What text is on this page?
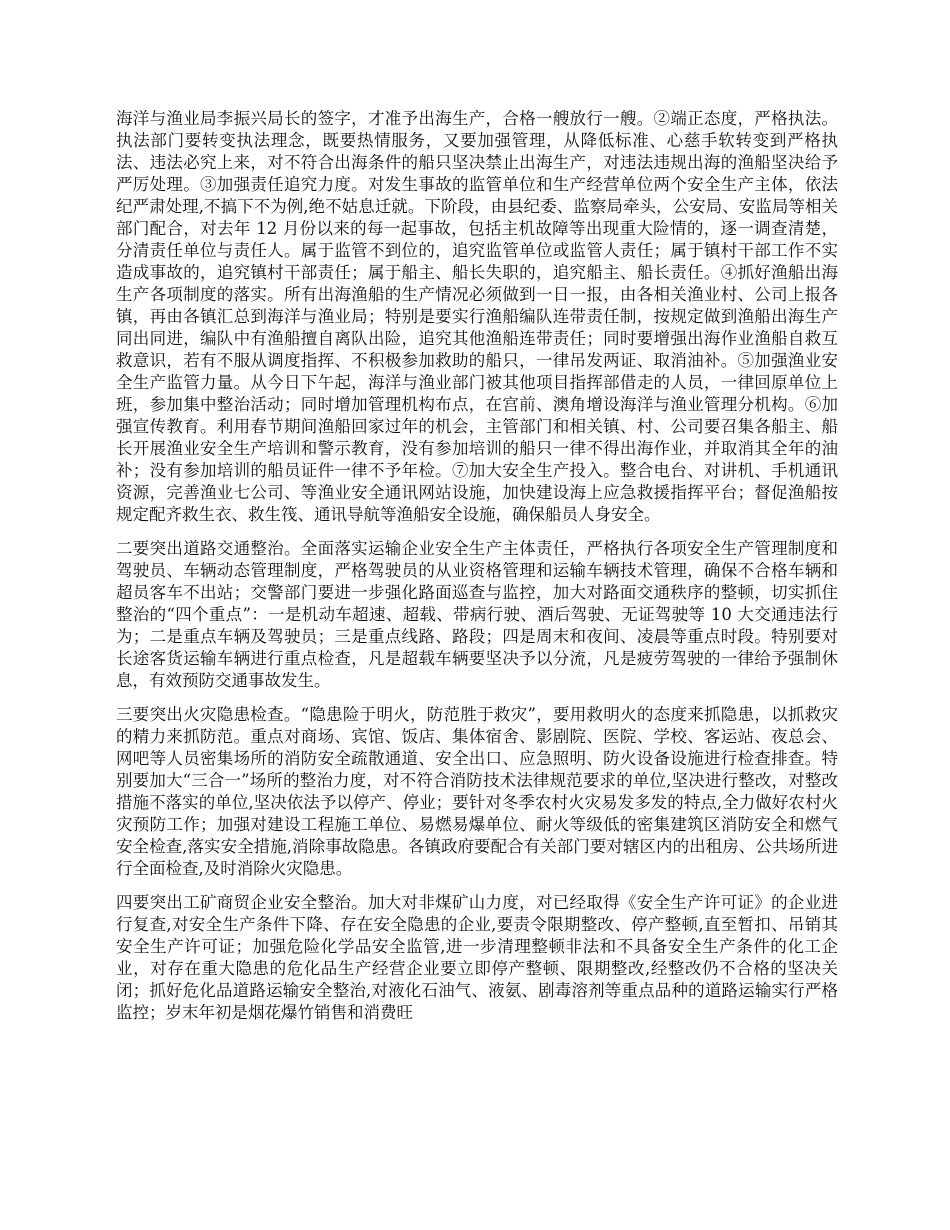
海洋与渔业局李振兴局长的签字，才准予出海生产，合格一艘放行一艘。②端正态度，严格执法。执法部门要转变执法理念，既要热情服务，又要加强管理，从降低标准、心慈手软转变到严格执法、违法必究上来，对不符合出海条件的船只坚决禁止出海生产，对违法违规出海的渔船坚决给予严厉处理。③加强责任追究力度。对发生事故的监管单位和生产经营单位两个安全生产主体，依法纪严肃处理,不搞下不为例,绝不姑息迁就。下阶段，由县纪委、监察局牵头，公安局、安监局等相关部门配合，对去年 12 月份以来的每一起事故，包括主机故障等出现重大险情的，逐一调查清楚，分清责任单位与责任人。属于监管不到位的，追究监管单位或监管人责任；属于镇村干部工作不实造成事故的，追究镇村干部责任；属于船主、船长失职的，追究船主、船长责任。④抓好渔船出海生产各项制度的落实。所有出海渔船的生产情况必须做到一日一报，由各相关渔业村、公司上报各镇，再由各镇汇总到海洋与渔业局；特别是要实行渔船编队连带责任制，按规定做到渔船出海生产同出同进，编队中有渔船擅自离队出险，追究其他渔船连带责任；同时要增强出海作业渔船自救互救意识，若有不服从调度指挥、不积极参加救助的船只，一律吊发两证、取消油补。⑤加强渔业安全生产监管力量。从今日下午起，海洋与渔业部门被其他项目指挥部借走的人员，一律回原单位上班，参加集中整治活动；同时增加管理机构布点，在宫前、澳角增设海洋与渔业管理分机构。⑥加强宣传教育。利用春节期间渔船回家过年的机会，主管部门和相关镇、村、公司要召集各船主、船长开展渔业安全生产培训和警示教育，没有参加培训的船只一律不得出海作业，并取消其全年的油补；没有参加培训的船员证件一律不予年检。⑦加大安全生产投入。整合电台、对讲机、手机通讯资源，完善渔业七公司、等渔业安全通讯网站设施，加快建设海上应急救援指挥平台；督促渔船按规定配齐救生衣、救生筏、通讯导航等渔船安全设施，确保船员人身安全。

二要突出道路交通整治。全面落实运输企业安全生产主体责任，严格执行各项安全生产管理制度和驾驶员、车辆动态管理制度，严格驾驶员的从业资格管理和运输车辆技术管理，确保不合格车辆和超员客车不出站；交警部门要进一步强化路面巡查与监控，加大对路面交通秩序的整顿，切实抓住整治的“四个重点”：一是机动车超速、超载、带病行驶、酒后驾驶、无证驾驶等 10 大交通违法行为；二是重点车辆及驾驶员；三是重点线路、路段；四是周末和夜间、凌晨等重点时段。特别要对长途客货运输车辆进行重点检查，凡是超载车辆要坚决予以分流，凡是疲劳驾驶的一律给予强制休息，有效预防交通事故发生。

三要突出火灾隐患检查。“隐患险于明火，防范胜于救灾”，要用救明火的态度来抓隐患，以抓救灾的精力来抓防范。重点对商场、宾馆、饭店、集体宿舍、影剧院、医院、学校、客运站、夜总会、网吧等人员密集场所的消防安全疏散通道、安全出口、应急照明、防火设备设施进行检查排查。特别要加大“三合一”场所的整治力度，对不符合消防技术法律规范要求的单位,坚决进行整改，对整改措施不落实的单位,坚决依法予以停产、停业；要针对冬季农村火灾易发多发的特点,全力做好农村火灾预防工作；加强对建设工程施工单位、易燃易爆单位、耐火等级低的密集建筑区消防安全和燃气安全检查,落实安全措施,消除事故隐患。各镇政府要配合有关部门要对辖区内的出租房、公共场所进行全面检查,及时消除火灾隐患。

四要突出工矿商贸企业安全整治。加大对非煤矿山力度，对已经取得《安全生产许可证》的企业进行复查,对安全生产条件下降、存在安全隐患的企业,要责令限期整改、停产整顿,直至暂扣、吊销其安全生产许可证；加强危险化学品安全监管,进一步清理整顿非法和不具备安全生产条件的化工企业，对存在重大隐患的危化品生产经营企业要立即停产整顿、限期整改,经整改仍不合格的坚决关闭；抓好危化品道路运输安全整治,对液化石油气、液氨、剧毒溶剂等重点品种的道路运输实行严格监控；岁末年初是烟花爆竹销售和消费旺
